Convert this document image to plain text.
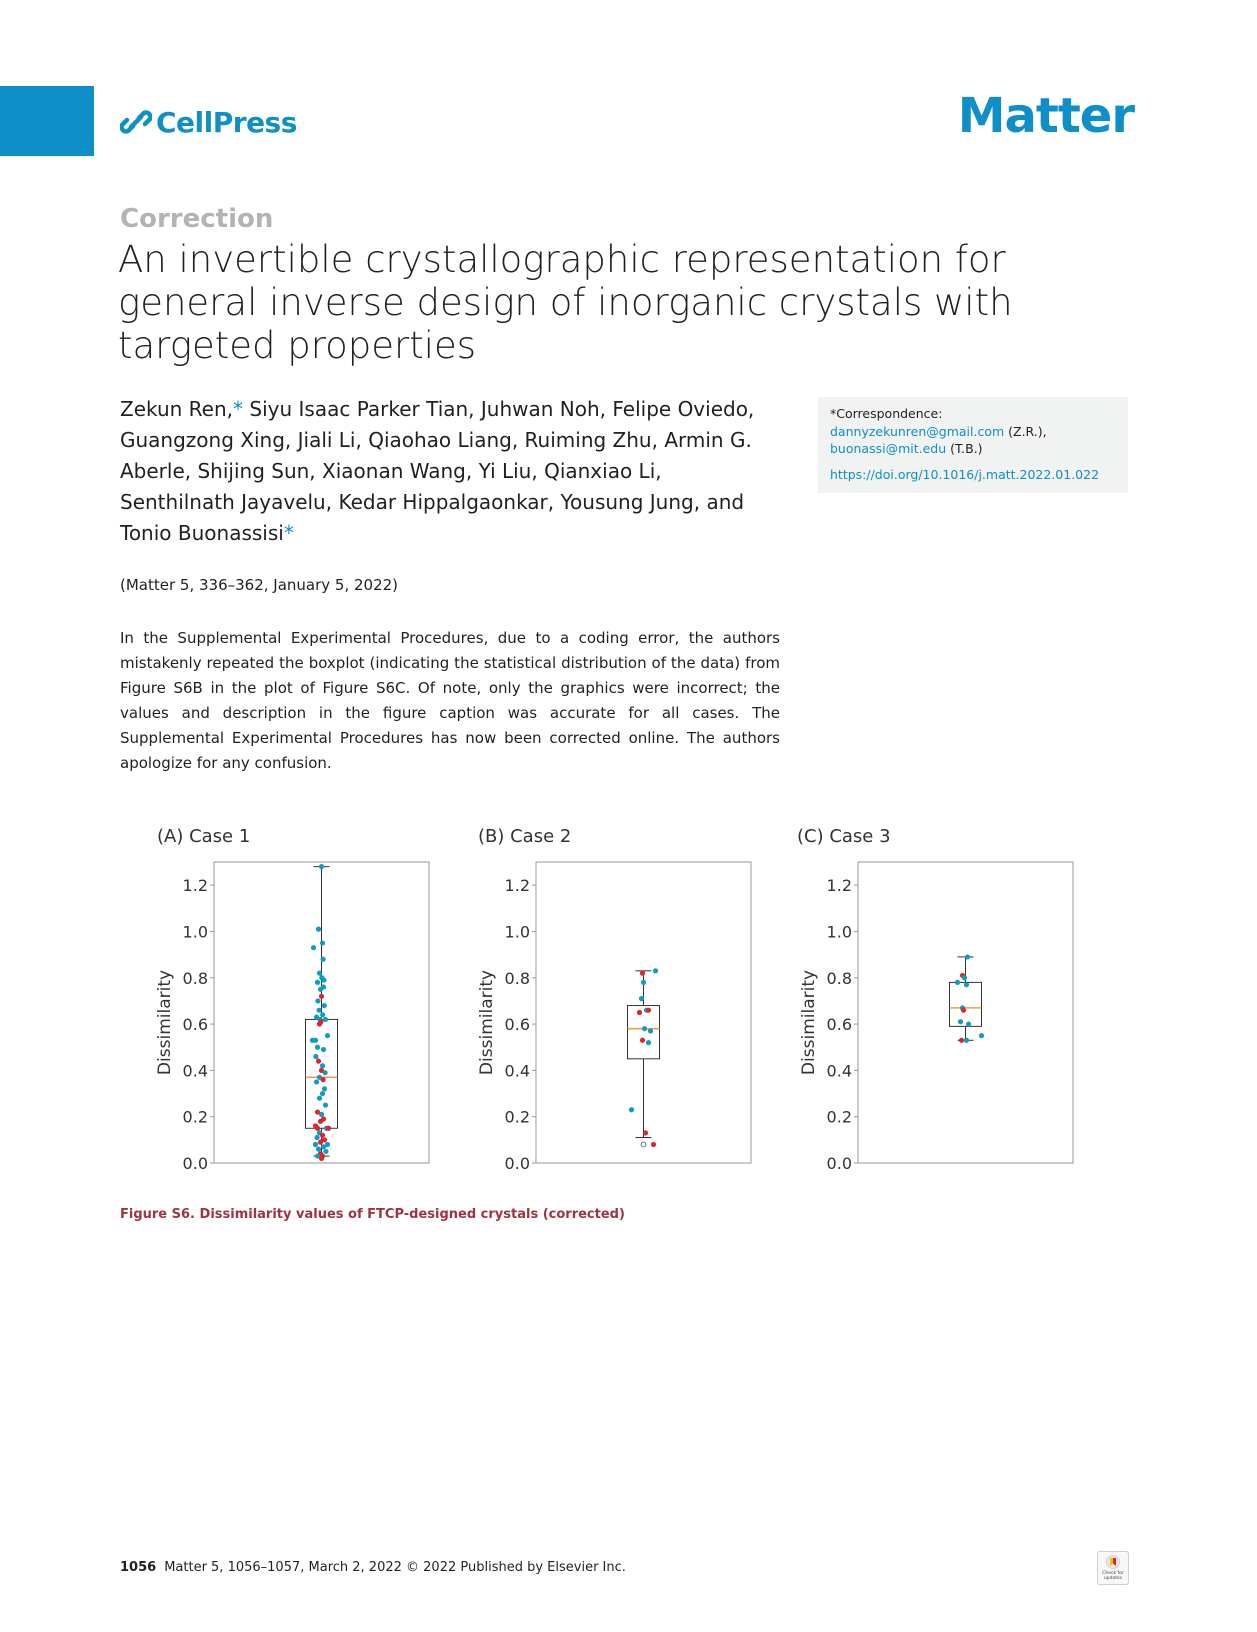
CellPress	Matter
Correction
An invertible crystallographic representation for general inverse design of inorganic crystals with targeted properties
Zekun Ren,* Siyu Isaac Parker Tian, Juhwan Noh, Felipe Oviedo, Guangzong Xing, Jiali Li, Qiaohao Liang, Ruiming Zhu, Armin G. Aberle, Shijing Sun, Xiaonan Wang, Yi Liu, Qianxiao Li, Senthilnath Jayavelu, Kedar Hippalgaonkar, Yousung Jung, and Tonio Buonassisi*
*Correspondence:
dannyzekunren@gmail.com (Z.R.),
buonassi@mit.edu (T.B.)
https://doi.org/10.1016/j.matt.2022.01.022
(Matter 5, 336–362, January 5, 2022)

In the Supplemental Experimental Procedures, due to a coding error, the authors mistakenly repeated the boxplot (indicating the statistical distribution of the data) from Figure S6B in the plot of Figure S6C. Of note, only the graphics were incorrect; the values and description in the figure caption was accurate for all cases. The Supplemental Experimental Procedures has now been corrected online. The authors apologize for any confusion.

(A) Case 1
0.0
0.2
0.4
0.6
0.8
1.0
1.2
Dissimilarity
(B) Case 2
0.0
0.2
0.4
0.6
0.8
1.0
1.2
Dissimilarity
(C) Case 3
0.0
0.2
0.4
0.6
0.8
1.0
1.2
Dissimilarity
Figure S6. Dissimilarity values of FTCP-designed crystals (corrected)
1056 Matter 5, 1056–1057, March 2, 2022 © 2022 Published by Elsevier Inc.	Check for updates
